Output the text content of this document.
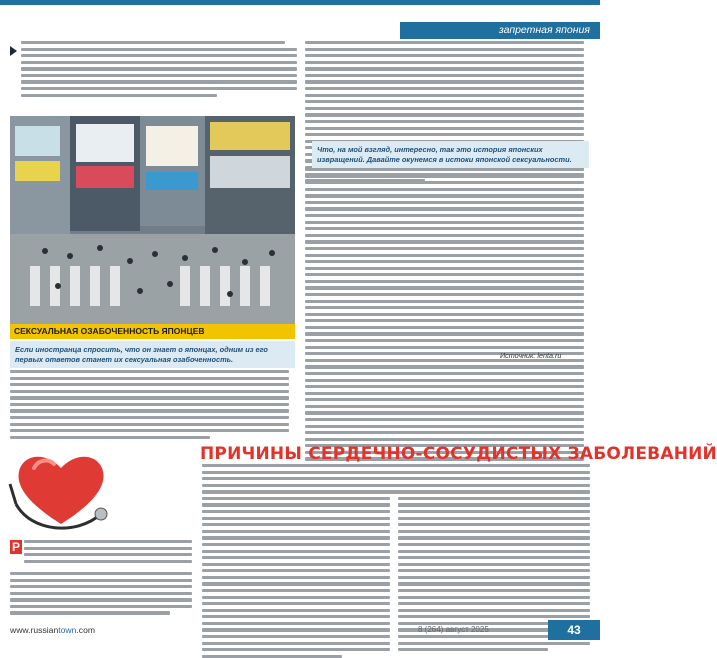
запретная япония
СЕКСУАЛЬНАЯ ОЗАБОЧЕННОСТЬ ЯПОНЦЕВ
Если иностранца спросить, что он знает о японцах, одним из его первых ответов станет их сексуальная озабоченность.
Что, на мой взгляд, интересно, так это история японских извращений. Давайте окунемся в истоки японской сексуальности.
Источник: lenta.ru
ПРИЧИНЫ СЕРДЕЧНО-СОСУДИСТЫХ ЗАБОЛЕВАНИЙ
Р
www.russiantown.com	8 (264) август 2025	43
